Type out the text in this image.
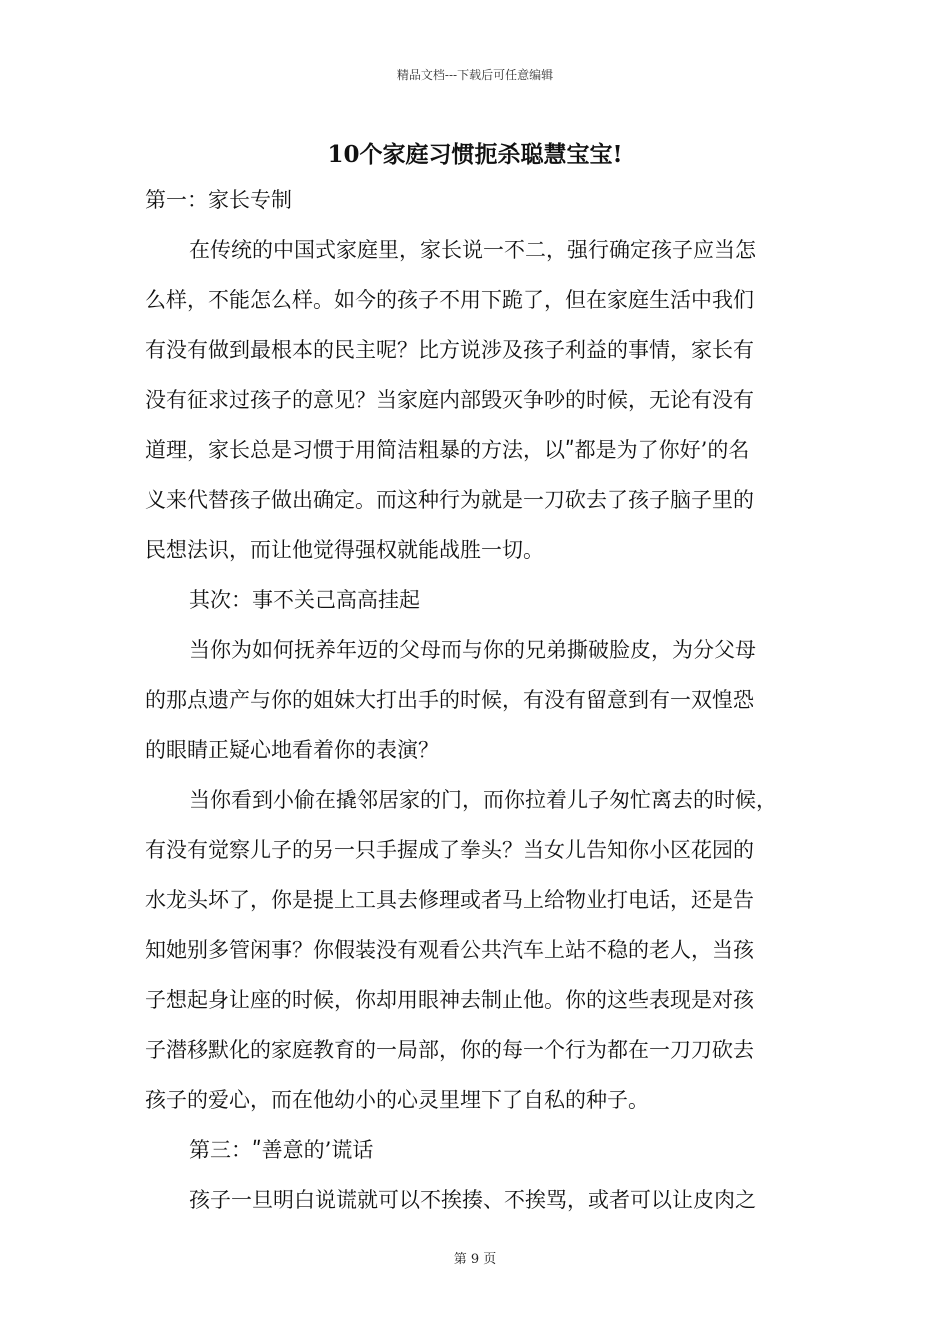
精品文档---下载后可任意编辑
10个家庭习惯扼杀聪慧宝宝!
第一：家长专制
在传统的中国式家庭里，家长说一不二，强行确定孩子应当怎
么样，不能怎么样。如今的孩子不用下跪了，但在家庭生活中我们
有没有做到最根本的民主呢？比方说涉及孩子利益的事情，家长有
没有征求过孩子的意见？当家庭内部毁灭争吵的时候，无论有没有
道理，家长总是习惯于用简洁粗暴的方法，以ʺ都是为了你好’的名
义来代替孩子做出确定。而这种行为就是一刀砍去了孩子脑子里的
民想法识，而让他觉得强权就能战胜一切。
其次：事不关己高高挂起
当你为如何抚养年迈的父母而与你的兄弟撕破脸皮，为分父母
的那点遗产与你的姐妹大打出手的时候，有没有留意到有一双惶恐
的眼睛正疑心地看着你的表演？
当你看到小偷在撬邻居家的门，而你拉着儿子匆忙离去的时候，
有没有觉察儿子的另一只手握成了拳头？当女儿告知你小区花园的
水龙头坏了，你是提上工具去修理或者马上给物业打电话，还是告
知她别多管闲事？你假装没有观看公共汽车上站不稳的老人，当孩
子想起身让座的时候，你却用眼神去制止他。你的这些表现是对孩
子潜移默化的家庭教育的一局部，你的每一个行为都在一刀刀砍去
孩子的爱心，而在他幼小的心灵里埋下了自私的种子。
第三：ʺ善意的’谎话
孩子一旦明白说谎就可以不挨揍、不挨骂，或者可以让皮肉之
第 9 页
